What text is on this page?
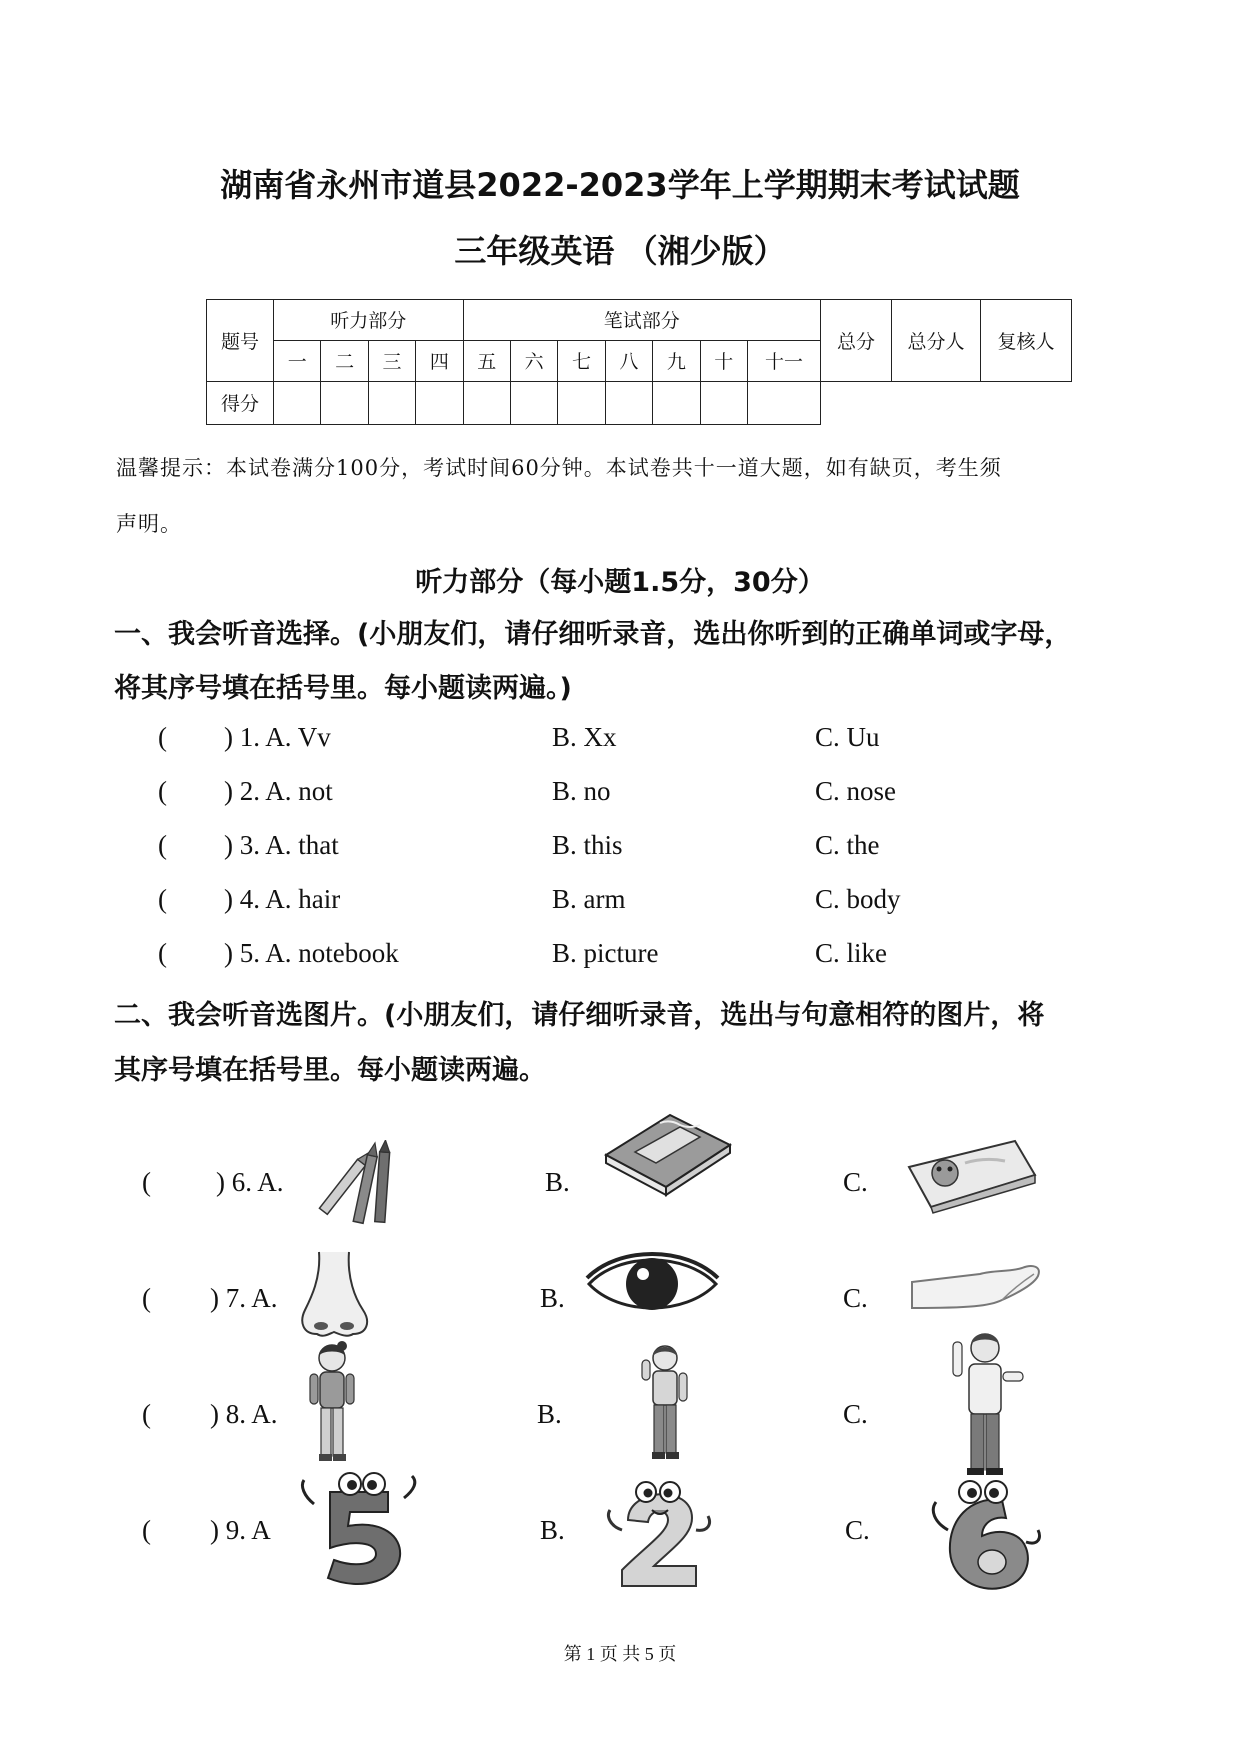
湖南省永州市道县2022-2023学年上学期期末考试试题
三年级英语 （湘少版）
题号	听力部分				笔试部分							总分	总分人	复核人
	一	二	三	四	五	六	七	八	九	十	十一			
得分														
温馨提示：本试卷满分100分，考试时间60分钟。本试卷共十一道大题，如有缺页，考生须
声明。
听力部分（每小题1.5分，30分）
一、我会听音选择。(小朋友们，请仔细听录音，选出你听到的正确单词或字母，
将其序号填在括号里。每小题读两遍。)
( ) 1. A. Vv	B. Xx	C. Uu
( ) 2. A. not	B. no	C. nose
( ) 3. A. that	B. this	C. the
( ) 4. A. hair	B. arm	C. body
( ) 5. A. notebook	B. picture	C. like
二、我会听音选图片。(小朋友们，请仔细听录音，选出与句意相符的图片，将
其序号填在括号里。每小题读两遍。
( ) 6. A.	B.	C.
( ) 7. A.	B.	C.
( ) 8. A.	B.	C.
( ) 9. A	B.	C.
第 1 页 共 5 页
